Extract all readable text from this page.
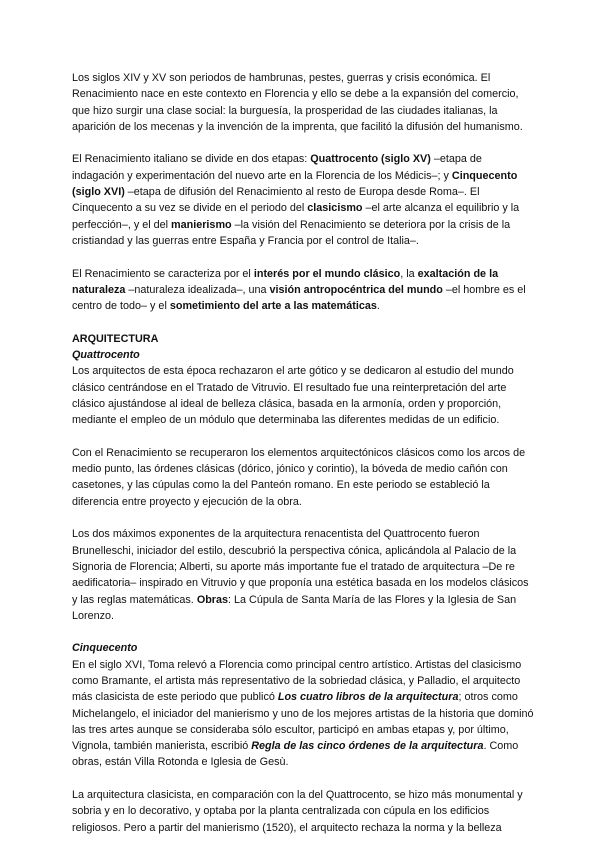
Los siglos XIV y XV son periodos de hambrunas, pestes, guerras y crisis económica. El Renacimiento nace en este contexto en Florencia y ello se debe a la expansión del comercio, que hizo surgir una clase social: la burguesía, la prosperidad de las ciudades italianas, la aparición de los mecenas y la invención de la imprenta, que facilitó la difusión del humanismo.

El Renacimiento italiano se divide en dos etapas: Quattrocento (siglo XV) –etapa de indagación y experimentación del nuevo arte en la Florencia de los Médicis–; y Cinquecento (siglo XVI) –etapa de difusión del Renacimiento al resto de Europa desde Roma–. El Cinquecento a su vez se divide en el periodo del clasicismo –el arte alcanza el equilibrio y la perfección–, y el del manierismo –la visión del Renacimiento se deteriora por la crisis de la cristiandad y las guerras entre España y Francia por el control de Italia–.

El Renacimiento se caracteriza por el interés por el mundo clásico, la exaltación de la naturaleza –naturaleza idealizada–, una visión antropocéntrica del mundo –el hombre es el centro de todo– y el sometimiento del arte a las matemáticas.

ARQUITECTURA
Quattrocento

Los arquitectos de esta época rechazaron el arte gótico y se dedicaron al estudio del mundo clásico centrándose en el Tratado de Vitruvio. El resultado fue una reinterpretación del arte clásico ajustándose al ideal de belleza clásica, basada en la armonía, orden y proporción, mediante el empleo de un módulo que determinaba las diferentes medidas de un edificio.

Con el Renacimiento se recuperaron los elementos arquitectónicos clásicos como los arcos de medio punto, las órdenes clásicas (dórico, jónico y corintio), la bóveda de medio cañón con casetones, y las cúpulas como la del Panteón romano. En este periodo se estableció la diferencia entre proyecto y ejecución de la obra.

Los dos máximos exponentes de la arquitectura renacentista del Quattrocento fueron Brunelleschi, iniciador del estilo, descubrió la perspectiva cónica, aplicándola al Palacio de la Signoria de Florencia; Alberti, su aporte más importante fue el tratado de arquitectura –De re aedificatoria– inspirado en Vitruvio y que proponía una estética basada en los modelos clásicos y las reglas matemáticas. Obras: La Cúpula de Santa María de las Flores y la Iglesia de San Lorenzo.

Cinquecento

En el siglo XVI, Toma relevó a Florencia como principal centro artístico. Artistas del clasicismo como Bramante, el artista más representativo de la sobriedad clásica, y Palladio, el arquitecto más clasicista de este periodo que publicó Los cuatro libros de la arquitectura; otros como Michelangelo, el iniciador del manierismo y uno de los mejores artistas de la historia que dominó las tres artes aunque se consideraba sólo escultor, participó en ambas etapas y, por último, Vignola, también manierista, escribió Regla de las cinco órdenes de la arquitectura. Como obras, están Villa Rotonda e Iglesia de Gesù.

La arquitectura clasicista, en comparación con la del Quattrocento, se hizo más monumental y sobria y en lo decorativo, y optaba por la planta centralizada con cúpula en los edificios religiosos. Pero a partir del manierismo (1520), el arquitecto rechaza la norma y la belleza
